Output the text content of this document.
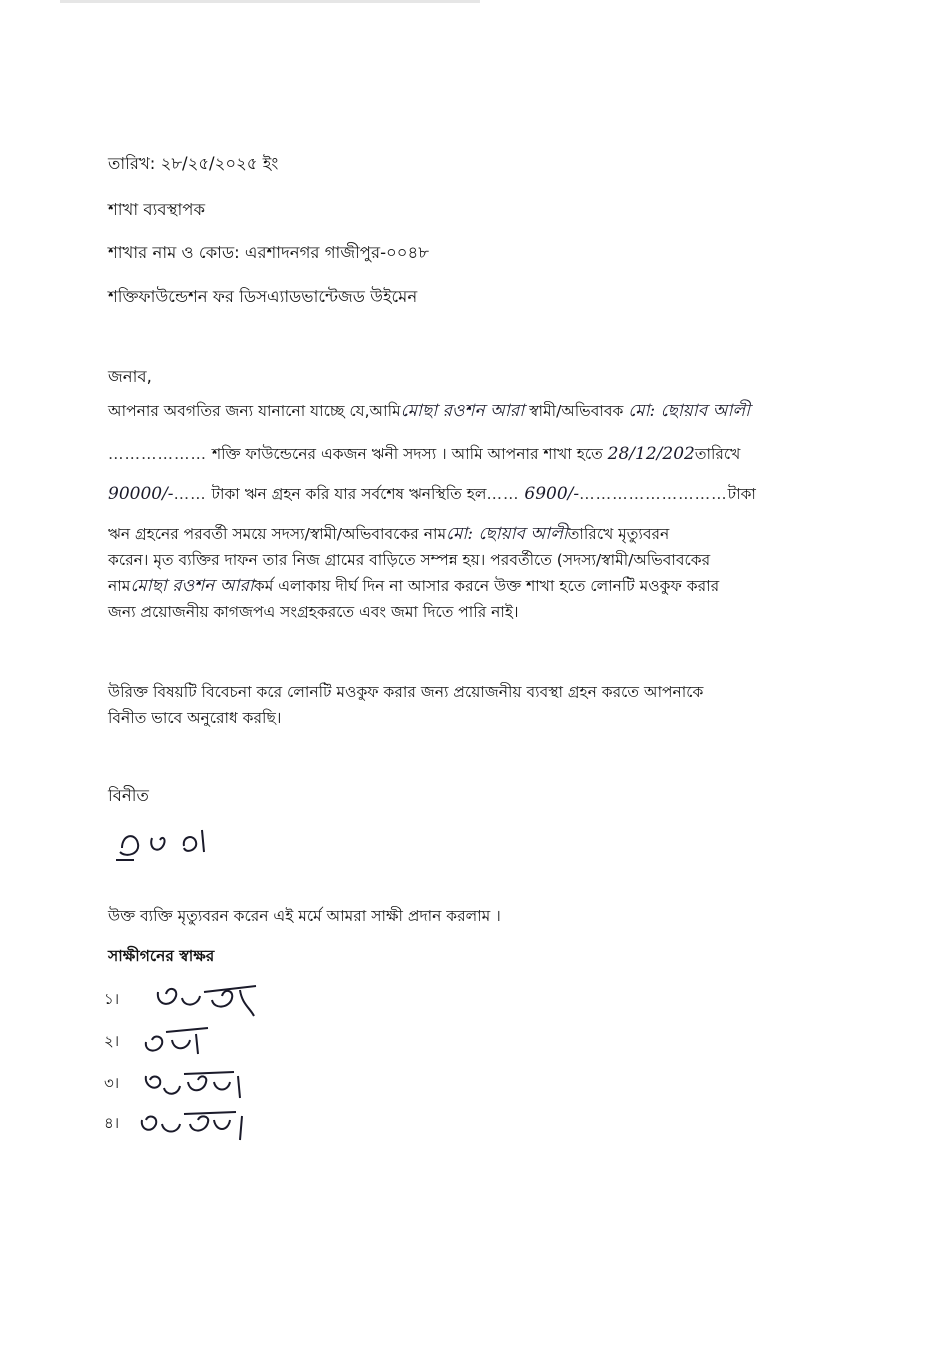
তারিখ: ২৮/২৫/২০২৫ ইং
শাখা ব্যবস্থাপক
শাখার নাম ও কোড: এরশাদনগর গাজীপুর-০০৪৮
শক্তিফাউন্ডেশন ফর ডিসএ্যাডভান্টেজড উইমেন
জনাব,
আপনার অবগতির জন্য যানানো যাচ্ছে যে,আমিমোছা রওশন আরা স্বামী/অভিবাবক মো: ছোয়াব আলী
……………… শক্তি ফাউন্ডেনের একজন ঋনী সদস্য । আমি আপনার শাখা হতে 28/12/202তারিখে
90000/-…… টাকা ঋন গ্রহন করি যার সর্বশেষ ঋনস্থিতি হল…… 6900/-………………………টাকা
ঋন গ্রহনের পরবর্তী সময়ে সদস্য/স্বামী/অভিবাবকের নামমো: ছোয়াব আলীতারিখে মৃত্যুবরন
করেন। মৃত ব্যক্তির দাফন তার নিজ গ্রামের বাড়িতে সম্পন্ন হয়। পরবর্তীতে (সদস্য/স্বামী/অভিবাবকের
নামমোছা রওশন আরাকর্ম এলাকায় দীর্ঘ দিন না আসার করনে উক্ত শাখা হতে লোনটি মওকুফ করার
জন্য প্রয়োজনীয় কাগজপএ সংগ্রহকরতে এবং জমা দিতে পারি নাই।
উরিক্ত বিষয়টি বিবেচনা করে লোনটি মওকুফ করার জন্য প্রয়োজনীয় ব্যবস্থা গ্রহন করতে আপনাকে
বিনীত ভাবে অনুরোধ করছি।
বিনীত
উক্ত ব্যক্তি মৃত্যুবরন করেন এই মর্মে আমরা সাক্ষী প্রদান করলাম ।
সাক্ষীগনের স্বাক্ষর
১।
২।
৩।
৪।
